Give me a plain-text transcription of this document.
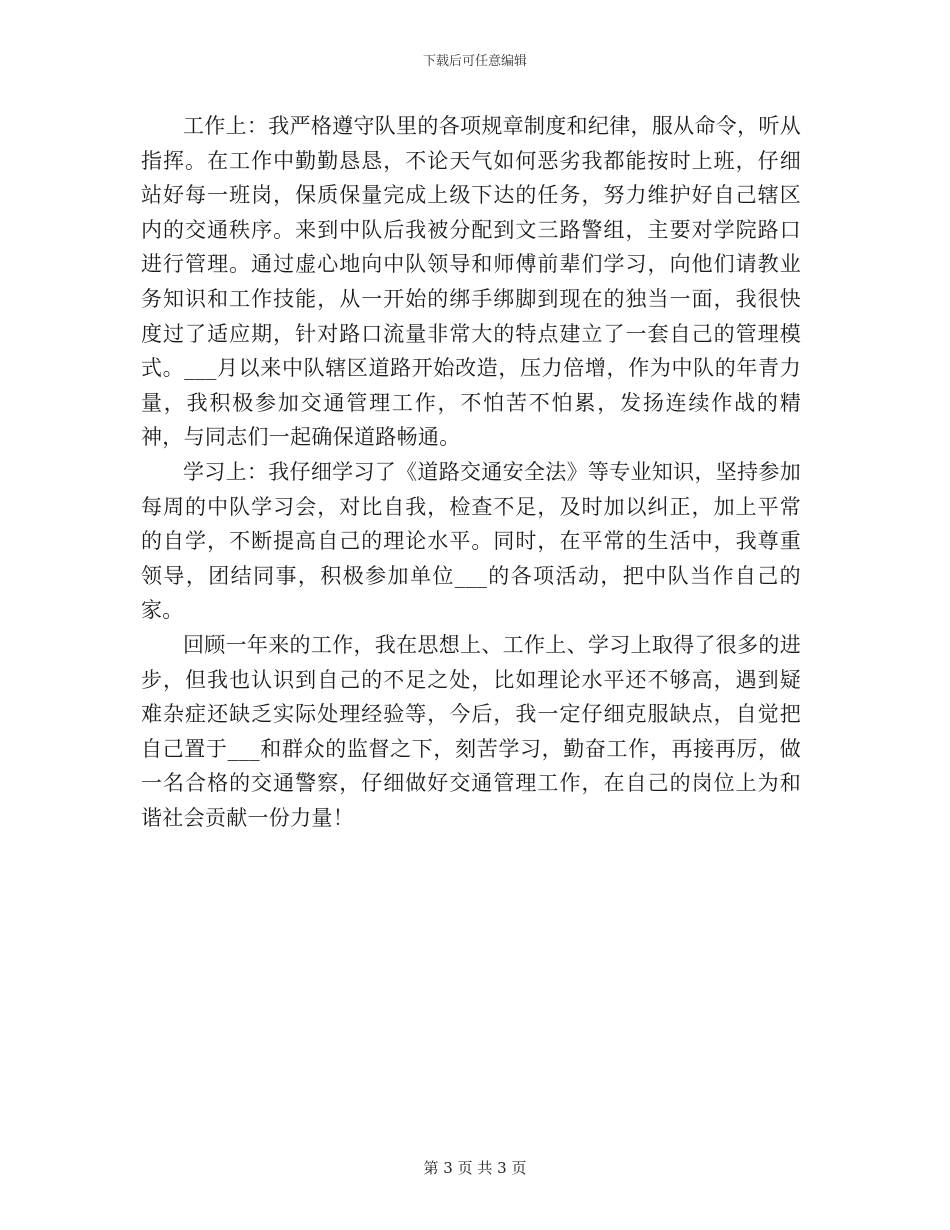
下载后可任意编辑

工作上：我严格遵守队里的各项规章制度和纪律，服从命令，听从指挥。在工作中勤勤恳恳，不论天气如何恶劣我都能按时上班，仔细站好每一班岗，保质保量完成上级下达的任务，努力维护好自己辖区内的交通秩序。来到中队后我被分配到文三路警组，主要对学院路口进行管理。通过虚心地向中队领导和师傅前辈们学习，向他们请教业务知识和工作技能，从一开始的绑手绑脚到现在的独当一面，我很快度过了适应期，针对路口流量非常大的特点建立了一套自己的管理模式。___月以来中队辖区道路开始改造，压力倍增，作为中队的年青力量，我积极参加交通管理工作，不怕苦不怕累，发扬连续作战的精神，与同志们一起确保道路畅通。

学习上：我仔细学习了《道路交通安全法》等专业知识，坚持参加每周的中队学习会，对比自我，检查不足，及时加以纠正，加上平常的自学，不断提高自己的理论水平。同时，在平常的生活中，我尊重领导，团结同事，积极参加单位___的各项活动，把中队当作自己的家。

回顾一年来的工作，我在思想上、工作上、学习上取得了很多的进步，但我也认识到自己的不足之处，比如理论水平还不够高，遇到疑难杂症还缺乏实际处理经验等，今后，我一定仔细克服缺点，自觉把自己置于___和群众的监督之下，刻苦学习，勤奋工作，再接再厉，做一名合格的交通警察，仔细做好交通管理工作，在自己的岗位上为和谐社会贡献一份力量！

第 3 页 共 3 页
